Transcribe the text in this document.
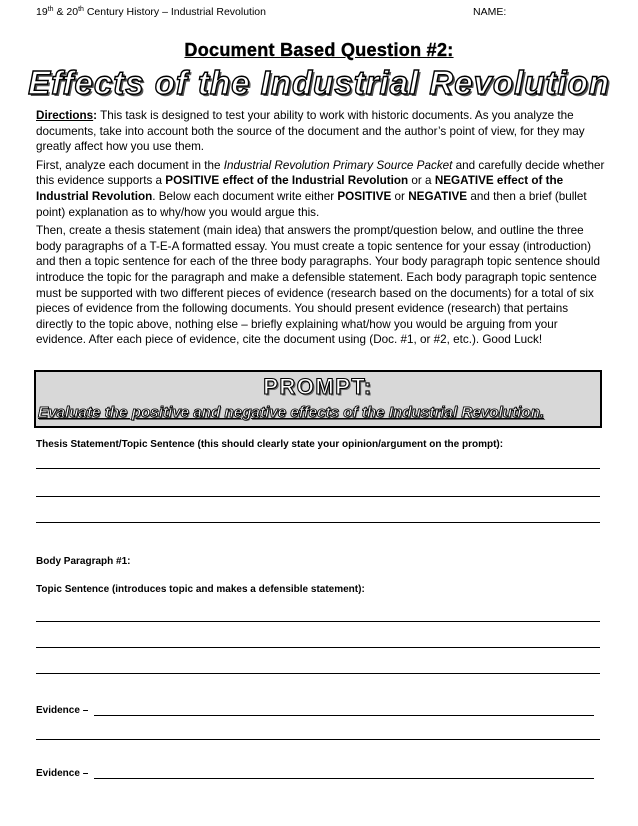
19th & 20th Century History – Industrial Revolution	NAME:
Document Based Question #2:
Effects of the Industrial Revolution

Directions: This task is designed to test your ability to work with historic documents. As you analyze the documents, take into account both the source of the document and the author’s point of view, for they may greatly affect how you use them.

First, analyze each document in the Industrial Revolution Primary Source Packet and carefully decide whether this evidence supports a POSITIVE effect of the Industrial Revolution or a NEGATIVE effect of the Industrial Revolution. Below each document write either POSITIVE or NEGATIVE and then a brief (bullet point) explanation as to why/how you would argue this.

Then, create a thesis statement (main idea) that answers the prompt/question below, and outline the three body paragraphs of a T-E-A formatted essay. You must create a topic sentence for your essay (introduction) and then a topic sentence for each of the three body paragraphs. Your body paragraph topic sentence should introduce the topic for the paragraph and make a defensible statement. Each body paragraph topic sentence must be supported with two different pieces of evidence (research based on the documents) for a total of six pieces of evidence from the following documents. You should present evidence (research) that pertains directly to the topic above, nothing else – briefly explaining what/how you would be arguing from your evidence. After each piece of evidence, cite the document using (Doc. #1, or #2, etc.). Good Luck!

PROMPT:
Evaluate the positive and negative effects of the Industrial Revolution.
Thesis Statement/Topic Sentence (this should clearly state your opinion/argument on the prompt):
Body Paragraph #1:
Topic Sentence (introduces topic and makes a defensible statement):
Evidence –
Evidence –
